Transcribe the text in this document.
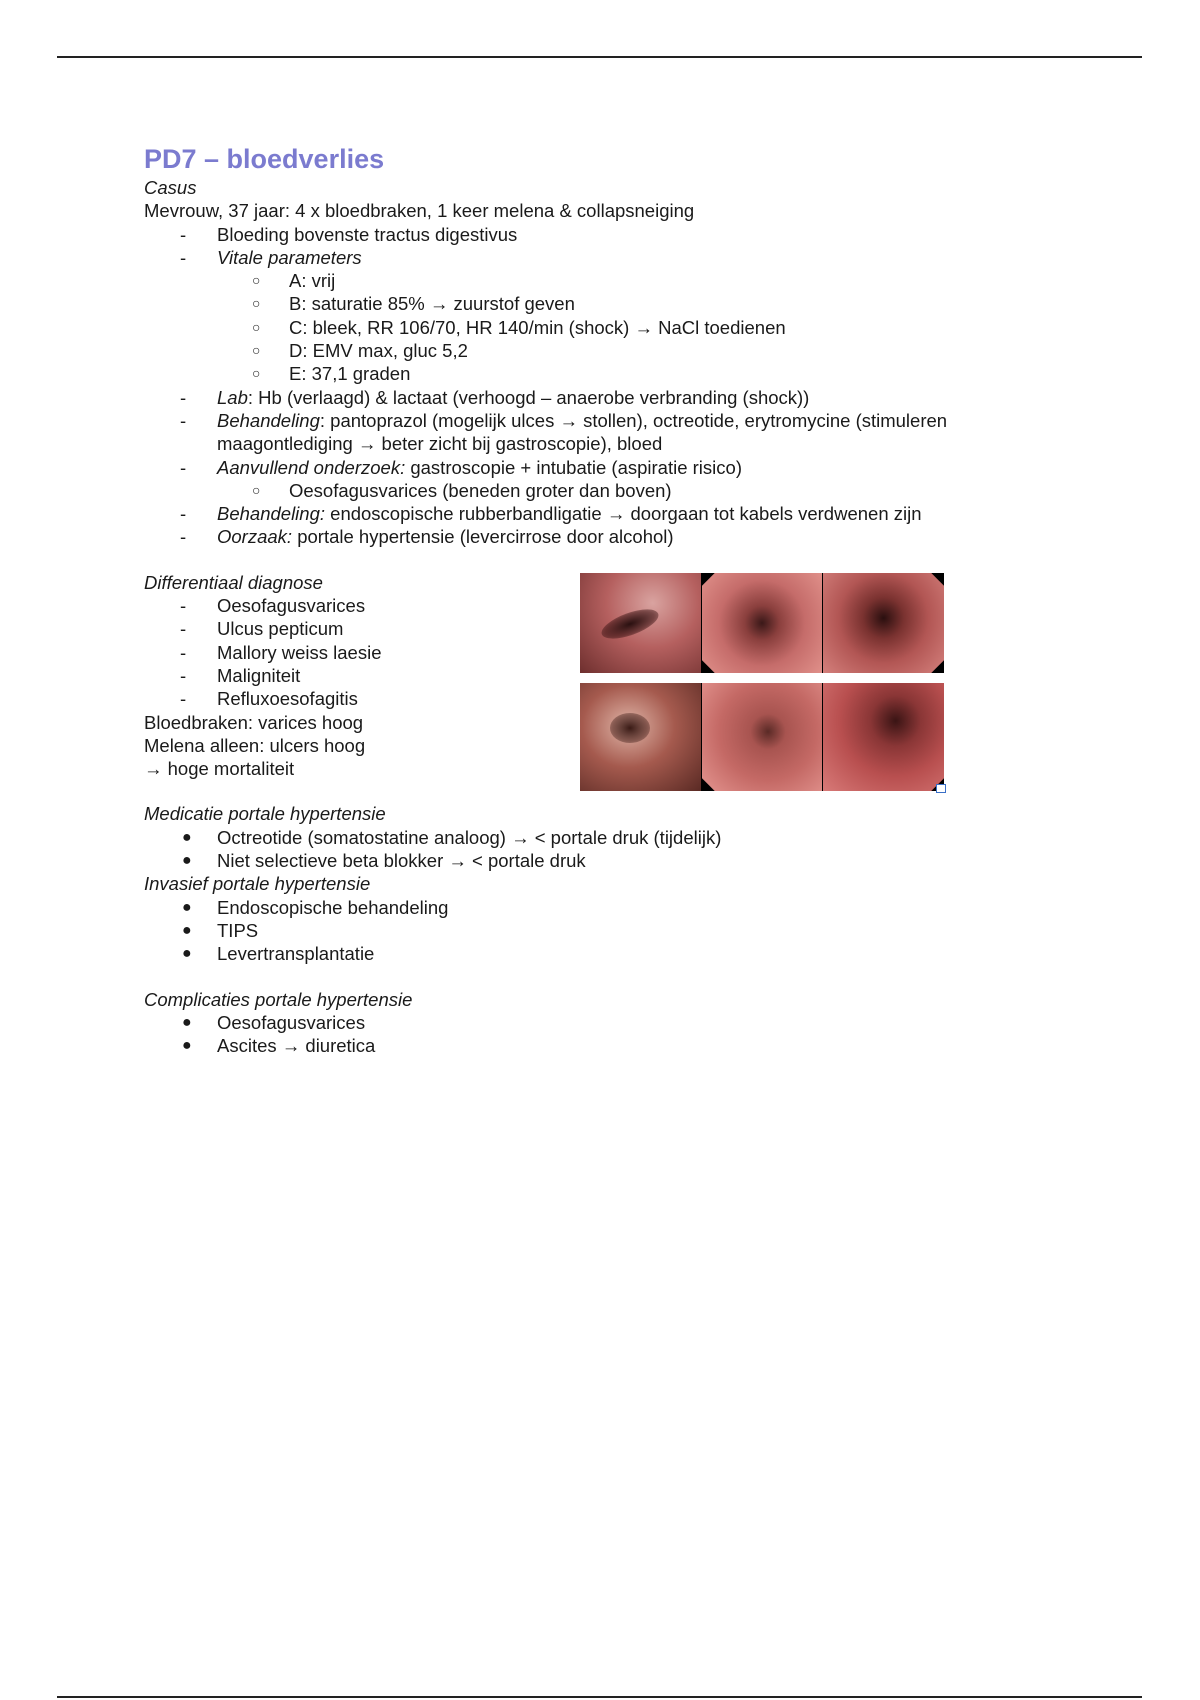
PD7 – bloedverlies
Casus
Mevrouw, 37 jaar: 4 x bloedbraken, 1 keer melena & collapsneiging
- Bloeding bovenste tractus digestivus
- Vitale parameters
○ A: vrij
○ B: saturatie 85% → zuurstof geven
○ C: bleek, RR 106/70, HR 140/min (shock) → NaCl toedienen
○ D: EMV max, gluc 5,2
○ E: 37,1 graden
- Lab: Hb (verlaagd) & lactaat (verhoogd – anaerobe verbranding (shock))
- Behandeling: pantoprazol (mogelijk ulces → stollen), octreotide, erytromycine (stimuleren maagontlediging → beter zicht bij gastroscopie), bloed
- Aanvullend onderzoek: gastroscopie + intubatie (aspiratie risico)
○ Oesofagusvarices (beneden groter dan boven)
- Behandeling: endoscopische rubberbandligatie → doorgaan tot kabels verdwenen zijn
- Oorzaak: portale hypertensie (levercirrose door alcohol)
Differentiaal diagnose
- Oesofagusvarices
- Ulcus pepticum
- Mallory weiss laesie
- Maligniteit
- Refluxoesofagitis
Bloedbraken: varices hoog
Melena alleen: ulcers hoog
→ hoge mortaliteit
Medicatie portale hypertensie
● Octreotide (somatostatine analoog) → < portale druk (tijdelijk)
● Niet selectieve beta blokker → < portale druk
Invasief portale hypertensie
● Endoscopische behandeling
● TIPS
● Levertransplantatie
Complicaties portale hypertensie
● Oesofagusvarices
● Ascites → diuretica
